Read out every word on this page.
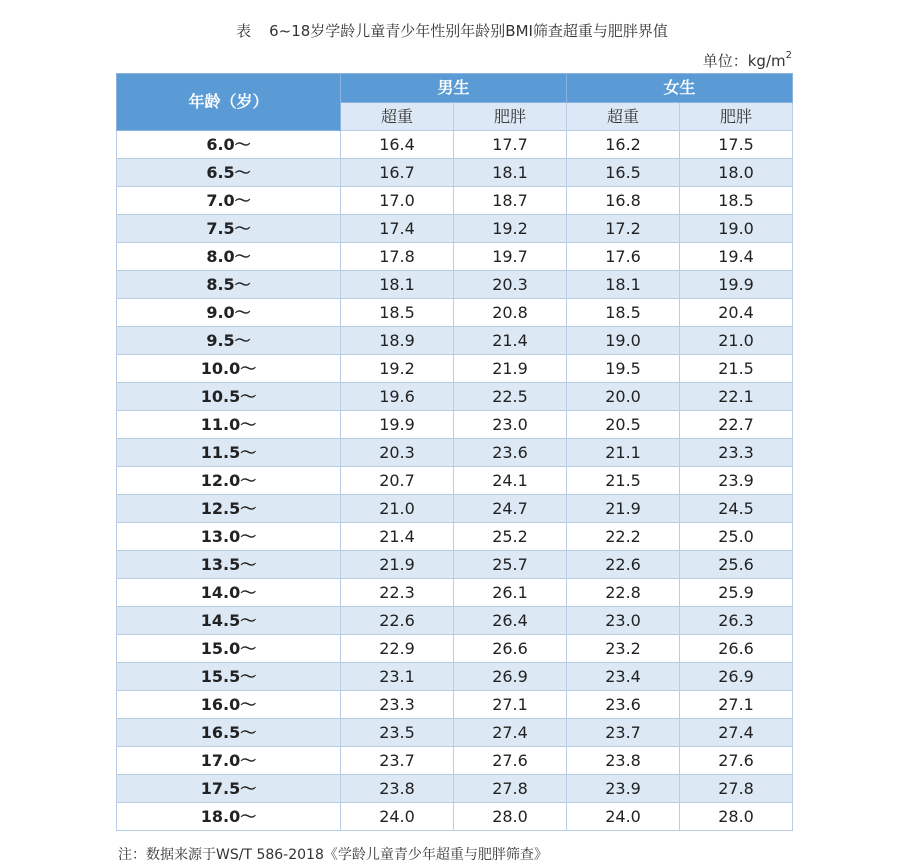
表 6~18岁学龄儿童青少年性别年龄别BMI筛查超重与肥胖界值
单位：$kg/m^2$
年龄（岁）	男生		女生	
	超重	肥胖	超重	肥胖
6.0～	16.4	17.7	16.2	17.5
6.5～	16.7	18.1	16.5	18.0
7.0～	17.0	18.7	16.8	18.5
7.5～	17.4	19.2	17.2	19.0
8.0～	17.8	19.7	17.6	19.4
8.5～	18.1	20.3	18.1	19.9
9.0～	18.5	20.8	18.5	20.4
9.5～	18.9	21.4	19.0	21.0
10.0～	19.2	21.9	19.5	21.5
10.5～	19.6	22.5	20.0	22.1
11.0～	19.9	23.0	20.5	22.7
11.5～	20.3	23.6	21.1	23.3
12.0～	20.7	24.1	21.5	23.9
12.5～	21.0	24.7	21.9	24.5
13.0～	21.4	25.2	22.2	25.0
13.5～	21.9	25.7	22.6	25.6
14.0～	22.3	26.1	22.8	25.9
14.5～	22.6	26.4	23.0	26.3
15.0～	22.9	26.6	23.2	26.6
15.5～	23.1	26.9	23.4	26.9
16.0～	23.3	27.1	23.6	27.1
16.5～	23.5	27.4	23.7	27.4
17.0～	23.7	27.6	23.8	27.6
17.5～	23.8	27.8	23.9	27.8
18.0～	24.0	28.0	24.0	28.0
注：数据来源于WS/T 586-2018《学龄儿童青少年超重与肥胖筛查》
